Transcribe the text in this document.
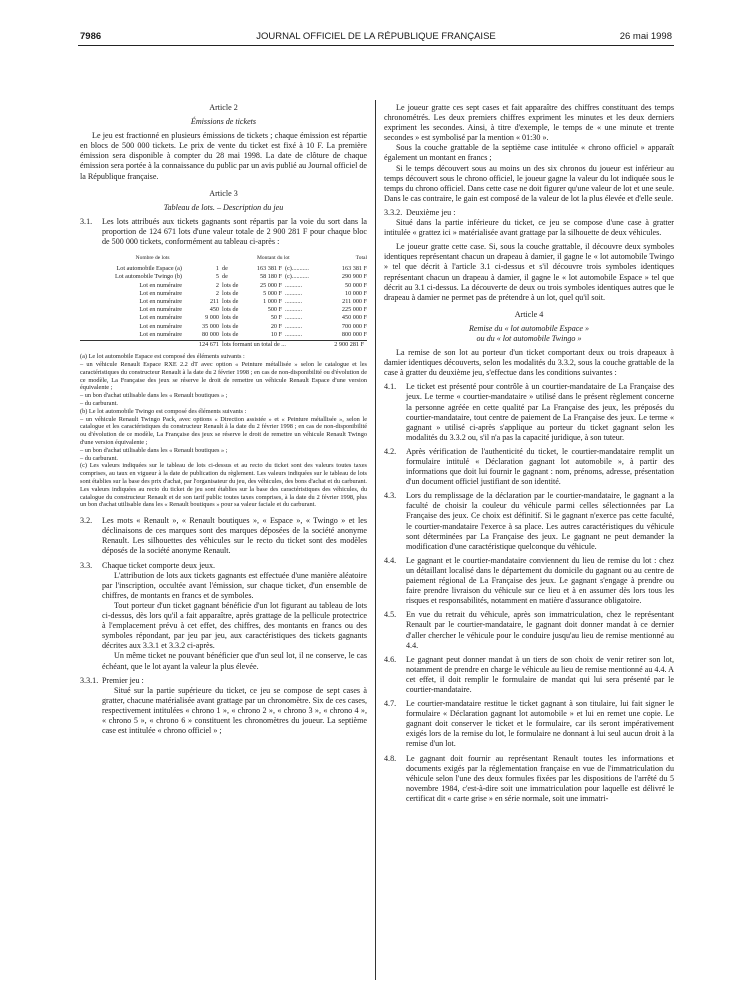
7986	JOURNAL OFFICIEL DE LA RÉPUBLIQUE FRANÇAISE	26 mai 1998

Article 2

Émissions de tickets

Le jeu est fractionné en plusieurs émissions de tickets ; chaque émission est répartie en blocs de 500 000 tickets. Le prix de vente du ticket est fixé à 10 F. La première émission sera disponible à compter du 28 mai 1998. La date de clôture de chaque émission sera portée à la connaissance du public par un avis publié au Journal officiel de la République française.

Article 3

Tableau de lots. – Description du jeu

3.1.	Les lots attribués aux tickets gagnants sont répartis par la voie du sort dans la proportion de 124 671 lots d'une valeur totale de 2 900 281 F pour chaque bloc de 500 000 tickets, conformément au tableau ci-après :
Nombre de lots	Montant du lot	Total
Lot automobile Espace (a)	1 de	163 381 F (c)...........	163 381 F
Lot automobile Twingo (b)	5 de	58 180 F (c)...........	290 900 F
Lot en numéraire	2 lots de	25 000 F ...........	50 000 F
Lot en numéraire	2 lots de	5 000 F ...........	10 000 F
Lot en numéraire	211 lots de	1 000 F ...........	211 000 F
Lot en numéraire	450 lots de	500 F ...........	225 000 F
Lot en numéraire	9 000 lots de	50 F ...........	450 000 F
Lot en numéraire	35 000 lots de	20 F ...........	700 000 F
Lot en numéraire	80 000 lots de	10 F ...........	800 000 F
124 671 lots formant un total de ...	2 900 281 F

(a) Le lot automobile Espace est composé des éléments suivants :

– un véhicule Renault Espace RXE 2.2 dT avec option « Peinture métallisée » selon le catalogue et les caractéristiques du constructeur Renault à la date du 2 février 1998 ; en cas de non-disponibilité ou d'évolution de ce modèle, La Française des jeux se réserve le droit de remettre un véhicule Renault Espace d'une version équivalente ;

– un bon d'achat utilisable dans les « Renault boutiques » ;

– du carburant.

(b) Le lot automobile Twingo est composé des éléments suivants :

– un véhicule Renault Twingo Pack, avec options « Direction assistée » et « Peinture métallisée », selon le catalogue et les caractéristiques du constructeur Renault à la date du 2 février 1998 ; en cas de non-disponibilité ou d'évolution de ce modèle, La Française des jeux se réserve le droit de remettre un véhicule Renault Twingo d'une version équivalente ;

– un bon d'achat utilisable dans les « Renault boutiques » ;

– du carburant.

(c) Les valeurs indiquées sur le tableau de lots ci-dessus et au recto du ticket sont des valeurs toutes taxes comprises, au taux en vigueur à la date de publication du règlement. Les valeurs indiquées sur le tableau de lots sont établies sur la base des prix d'achat, par l'organisateur du jeu, des véhicules, des bons d'achat et du carburant. Les valeurs indiquées au recto du ticket de jeu sont établies sur la base des caractéristiques des véhicules, du catalogue du constructeur Renault et de son tarif public toutes taxes comprises, à la date du 2 février 1998, plus un bon d'achat utilisable dans les « Renault boutiques » pour sa valeur faciale et du carburant.

3.2.	Les mots « Renault », « Renault boutiques », « Espace », « Twingo » et les déclinaisons de ces marques sont des marques déposées de la société anonyme Renault. Les silhouettes des véhicules sur le recto du ticket sont des modèles déposés de la société anonyme Renault.
3.3.	Chaque ticket comporte deux jeux.

L'attribution de lots aux tickets gagnants est effectuée d'une manière aléatoire par l'inscription, occultée avant l'émission, sur chaque ticket, d'un ensemble de chiffres, de montants en francs et de symboles.

Tout porteur d'un ticket gagnant bénéficie d'un lot figurant au tableau de lots ci-dessus, dès lors qu'il a fait apparaître, après grattage de la pellicule protectrice à l'emplacement prévu à cet effet, des chiffres, des montants en francs ou des symboles répondant, par jeu par jeu, aux caractéristiques des tickets gagnants décrites aux 3.3.1 et 3.3.2 ci-après.

Un même ticket ne pouvant bénéficier que d'un seul lot, il ne conserve, le cas échéant, que le lot ayant la valeur la plus élevée.

3.3.1. Premier jeu :

Situé sur la partie supérieure du ticket, ce jeu se compose de sept cases à gratter, chacune matérialisée avant grattage par un chronomètre. Six de ces cases, respectivement intitulées « chrono 1 », « chrono 2 », « chrono 3 », « chrono 4 », « chrono 5 », « chrono 6 » constituent les chronomètres du joueur. La septième case est intitulée « chrono officiel » ;

Le joueur gratte ces sept cases et fait apparaître des chiffres constituant des temps chronométrés. Les deux premiers chiffres expriment les minutes et les deux derniers expriment les secondes. Ainsi, à titre d'exemple, le temps de « une minute et trente secondes » est symbolisé par la mention « 01:30 ».

Sous la couche grattable de la septième case intitulée « chrono officiel » apparaît également un montant en francs ;

Si le temps découvert sous au moins un des six chronos du joueur est inférieur au temps découvert sous le chrono officiel, le joueur gagne la valeur du lot indiquée sous le temps du chrono officiel. Dans cette case ne doit figurer qu'une valeur de lot et une seule. Dans le cas contraire, le gain est composé de la valeur de lot la plus élevée et d'elle seule.

3.3.2. Deuxième jeu :

Situé dans la partie inférieure du ticket, ce jeu se compose d'une case à gratter intitulée « grattez ici » matérialisée avant grattage par la silhouette de deux véhicules.

Le joueur gratte cette case. Si, sous la couche grattable, il découvre deux symboles identiques représentant chacun un drapeau à damier, il gagne le « lot automobile Twingo » tel que décrit à l'article 3.1 ci-dessus et s'il découvre trois symboles identiques représentant chacun un drapeau à damier, il gagne le « lot automobile Espace » tel que décrit au 3.1 ci-dessus. La découverte de deux ou trois symboles identiques autres que le drapeau à damier ne permet pas de prétendre à un lot, quel qu'il soit.

Article 4

Remise du « lot automobile Espace »

ou du « lot automobile Twingo »

La remise de son lot au porteur d'un ticket comportant deux ou trois drapeaux à damier identiques découverts, selon les modalités du 3.3.2, sous la couche grattable de la case à gratter du deuxième jeu, s'effectue dans les conditions suivantes :

4.1.	Le ticket est présenté pour contrôle à un courtier-mandataire de La Française des jeux. Le terme « courtier-mandataire » utilisé dans le présent règlement concerne la personne agréée en cette qualité par La Française des jeux, les préposés du courtier-mandataire, tout centre de paiement de La Française des jeux. Le terme « gagnant » utilisé ci-après s'applique au porteur du ticket gagnant selon les modalités du 3.3.2 ou, s'il n'a pas la capacité juridique, à son tuteur.
4.2.	Après vérification de l'authenticité du ticket, le courtier-mandataire remplit un formulaire intitulé « Déclaration gagnant lot automobile », à partir des informations que doit lui fournir le gagnant : nom, prénoms, adresse, présentation d'un document officiel justifiant de son identité.
4.3.	Lors du remplissage de la déclaration par le courtier-mandataire, le gagnant a la faculté de choisir la couleur du véhicule parmi celles sélectionnées par La Française des jeux. Ce choix est définitif. Si le gagnant n'exerce pas cette faculté, le courtier-mandataire l'exerce à sa place. Les autres caractéristiques du véhicule sont déterminées par La Française des jeux. Le gagnant ne peut demander la modification d'une caractéristique quelconque du véhicule.
4.4.	Le gagnant et le courtier-mandataire conviennent du lieu de remise du lot : chez un détaillant localisé dans le département du domicile du gagnant ou au centre de paiement régional de La Française des jeux. Le gagnant s'engage à prendre ou faire prendre livraison du véhicule sur ce lieu et à en assumer dès lors tous les risques et responsabilités, notamment en matière d'assurance obligatoire.
4.5.	En vue du retrait du véhicule, après son immatriculation, chez le représentant Renault par le courtier-mandataire, le gagnant doit donner mandat à ce dernier d'aller chercher le véhicule pour le conduire jusqu'au lieu de remise mentionné au 4.4.
4.6.	Le gagnant peut donner mandat à un tiers de son choix de venir retirer son lot, notamment de prendre en charge le véhicule au lieu de remise mentionné au 4.4. A cet effet, il doit remplir le formulaire de mandat qui lui sera présenté par le courtier-mandataire.
4.7.	Le courtier-mandataire restitue le ticket gagnant à son titulaire, lui fait signer le formulaire « Déclaration gagnant lot automobile » et lui en remet une copie. Le gagnant doit conserver le ticket et le formulaire, car ils seront impérativement exigés lors de la remise du lot, le formulaire ne donnant à lui seul aucun droit à la remise d'un lot.
4.8.	Le gagnant doit fournir au représentant Renault toutes les informations et documents exigés par la réglementation française en vue de l'immatriculation du véhicule selon l'une des deux formules fixées par les dispositions de l'arrêté du 5 novembre 1984, c'est-à-dire soit une immatriculation pour laquelle est délivré le certificat dit « carte grise » en série normale, soit une immatri-
